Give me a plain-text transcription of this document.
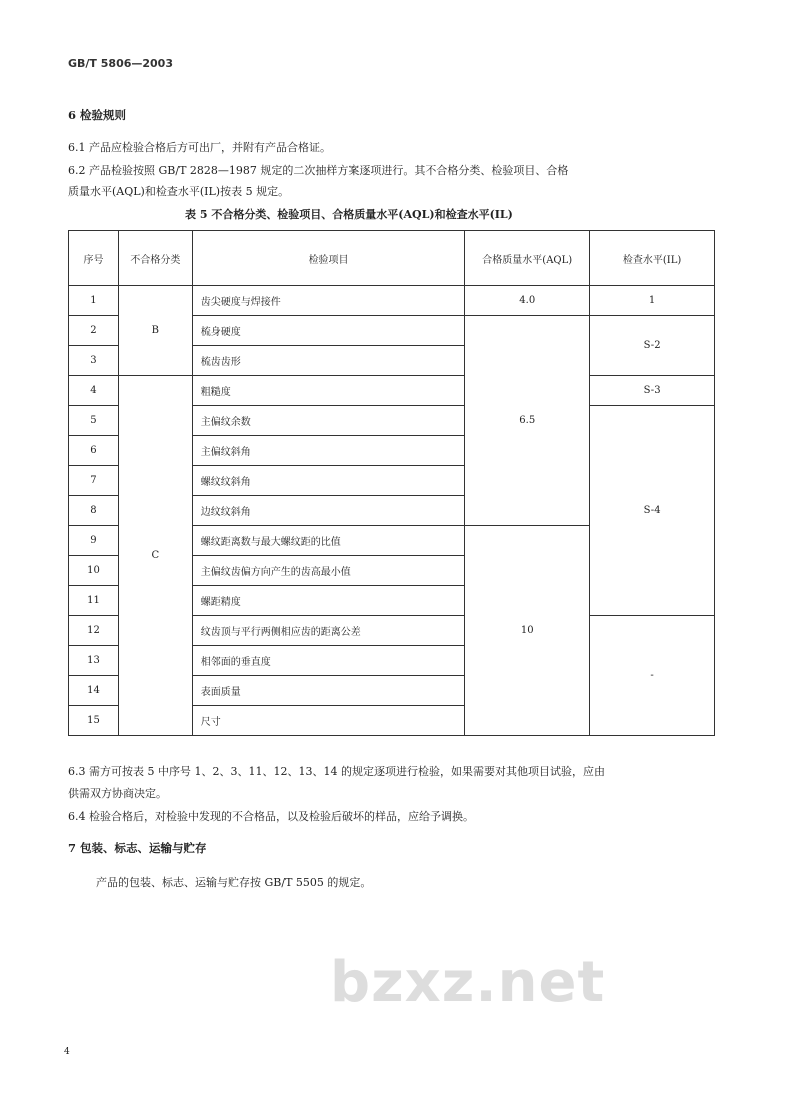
GB/T 5806—2003
bzxz.net
6 检验规则
6.1 产品应检验合格后方可出厂，并附有产品合格证。
6.2 产品检验按照 GB/T 2828—1987 规定的二次抽样方案逐项进行。其不合格分类、检验项目、合格
质量水平(AQL)和检查水平(IL)按表 5 规定。
表 5 不合格分类、检验项目、合格质量水平(AQL)和检查水平(IL)
序号	不合格分类	检验项目	合格质量水平(AQL)	检查水平(IL)
1	B	齿尖硬度与焊接件	4.0	1
2		梳身硬度	6.5	S-2
3		梳齿齿形		
4	C	粗糙度		S-3
5		主偏纹余数		S-4
6		主偏纹斜角		
7		螺纹纹斜角		
8		边纹纹斜角		
9		螺纹距离数与最大螺纹距的比值	10	
10		主偏纹齿偏方向产生的齿高最小值		
11		螺距精度		
12		纹齿顶与平行两侧相应齿的距离公差		-
13		相邻面的垂直度		
14		表面质量		
15		尺寸		
6.3 需方可按表 5 中序号 1、2、3、11、12、13、14 的规定逐项进行检验，如果需要对其他项目试验，应由
供需双方协商决定。
6.4 检验合格后，对检验中发现的不合格品，以及检验后破坏的样品，应给予调换。
7 包装、标志、运输与贮存
产品的包装、标志、运输与贮存按 GB/T 5505 的规定。
4
